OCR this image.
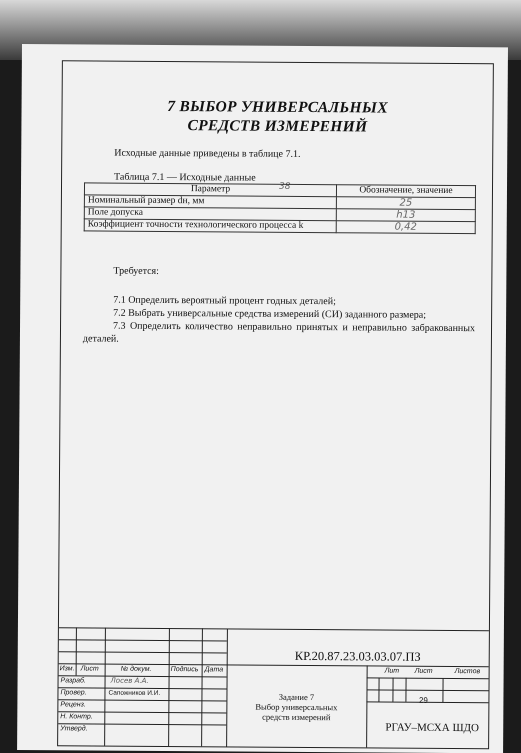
7 ВЫБОР УНИВЕРСАЛЬНЫХ
СРЕДСТВ ИЗМЕРЕНИЙ
Исходные данные приведены в таблице 7.1.
Таблица 7.1 — Исходные данные
38
Параметр	Обозначение, значение
Номинальный размер dн, мм	25
Поле допуска	h13
Коэффициент точности технологического процесса k	0,42
Требуется:

7.1 Определить вероятный процент годных деталей;

7.2 Выбрать универсальные средства измерений (СИ) заданного размера;

7.3 Определить количество неправильно принятых и неправильно забракованных деталей.

КР.20.87.23.03.03.07.ПЗ
Изм. Лист	№ докум.	Подпись Дата
Разраб.	Лосев А.А.
Провер.	Сапожников И.И.
Реценз.
Н. Контр.
Утверд.
Задание 7
Выбор универсальных
средств измерений
Лит Лист	Листов
29
РГАУ–МСХА ШДО
